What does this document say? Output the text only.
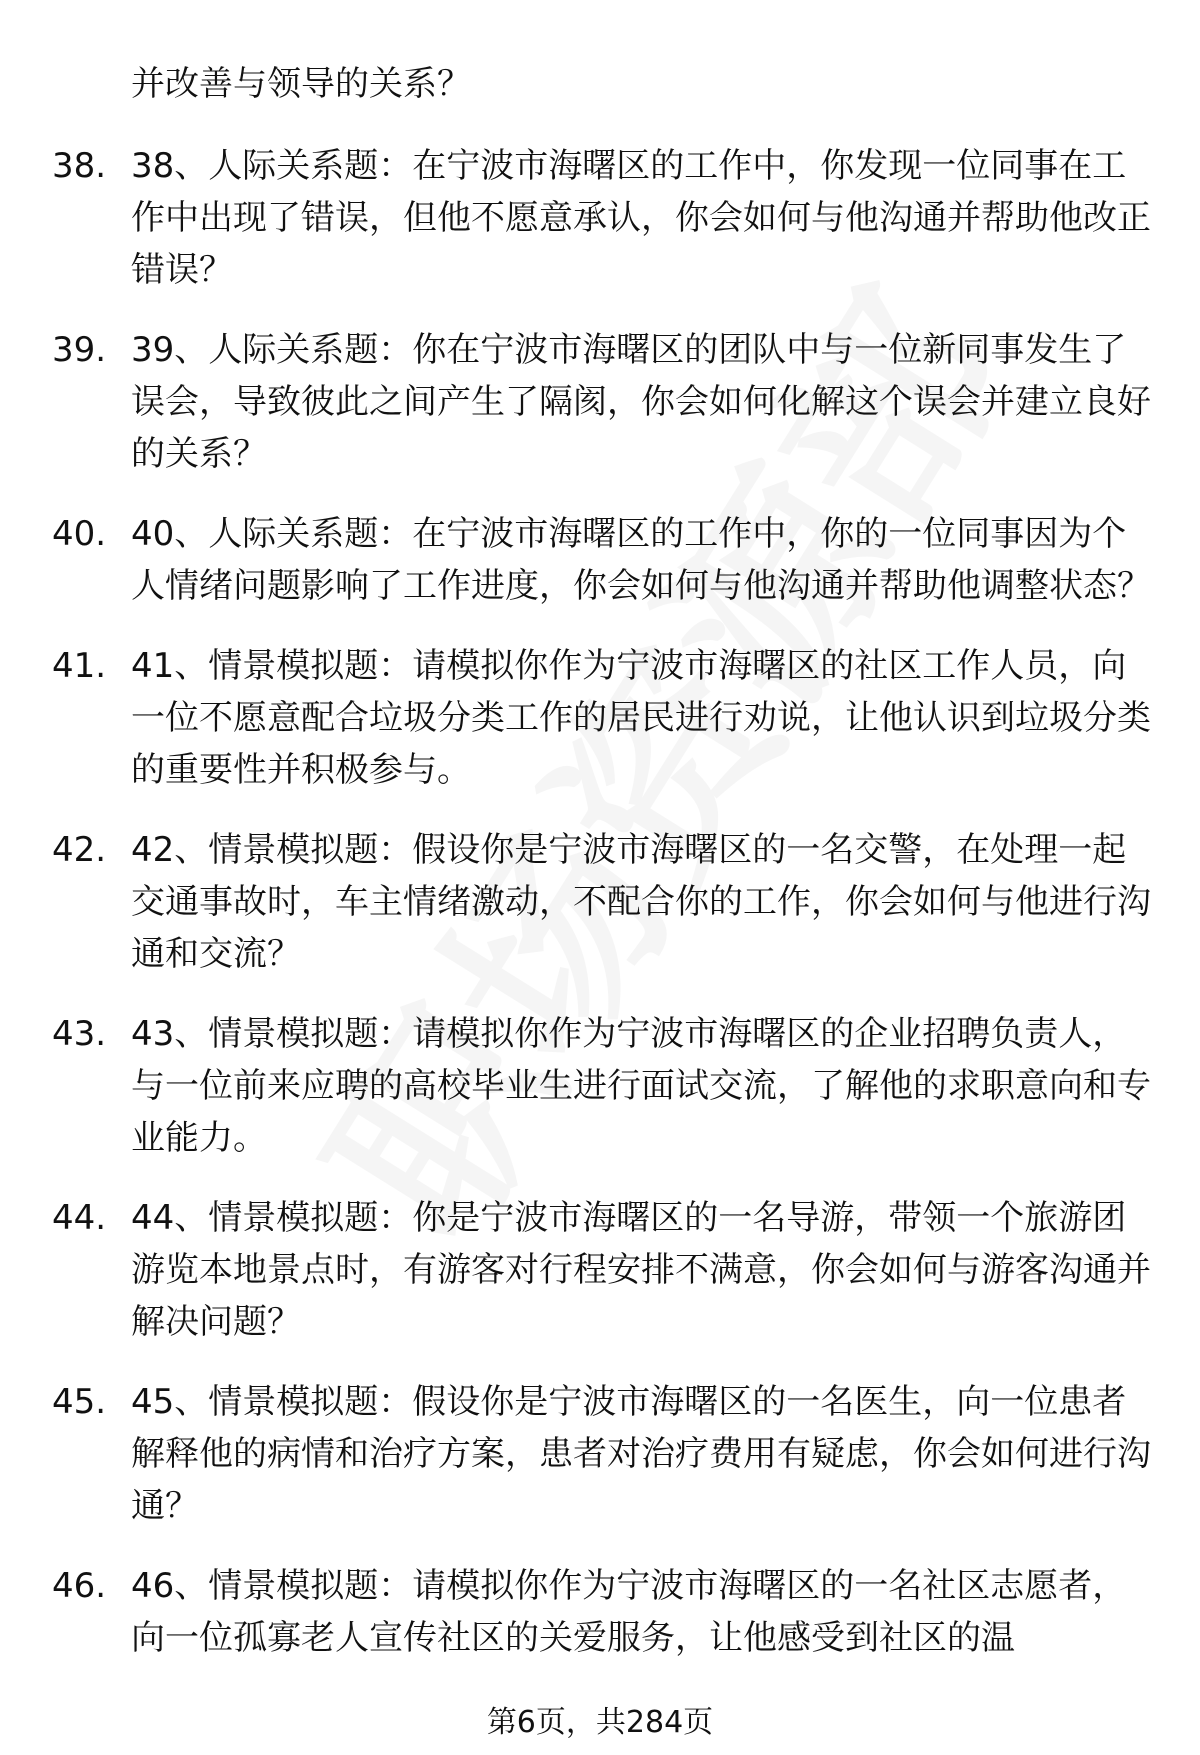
并改善与领导的关系？
38. 38、人际关系题：在宁波市海曙区的工作中，你发现一位同事在工作中出现了错误，但他不愿意承认，你会如何与他沟通并帮助他改正错误？
39. 39、人际关系题：你在宁波市海曙区的团队中与一位新同事发生了误会，导致彼此之间产生了隔阂，你会如何化解这个误会并建立良好的关系？
40. 40、人际关系题：在宁波市海曙区的工作中，你的一位同事因为个人情绪问题影响了工作进度，你会如何与他沟通并帮助他调整状态？
41. 41、情景模拟题：请模拟你作为宁波市海曙区的社区工作人员，向一位不愿意配合垃圾分类工作的居民进行劝说，让他认识到垃圾分类的重要性并积极参与。
42. 42、情景模拟题：假设你是宁波市海曙区的一名交警，在处理一起交通事故时，车主情绪激动，不配合你的工作，你会如何与他进行沟通和交流？
43. 43、情景模拟题：请模拟你作为宁波市海曙区的企业招聘负责人，与一位前来应聘的高校毕业生进行面试交流，了解他的求职意向和专业能力。
44. 44、情景模拟题：你是宁波市海曙区的一名导游，带领一个旅游团游览本地景点时，有游客对行程安排不满意，你会如何与游客沟通并解决问题？
45. 45、情景模拟题：假设你是宁波市海曙区的一名医生，向一位患者解释他的病情和治疗方案，患者对治疗费用有疑虑，你会如何进行沟通？
46. 46、情景模拟题：请模拟你作为宁波市海曙区的一名社区志愿者，向一位孤寡老人宣传社区的关爱服务，让他感受到社区的温
第6页，共284页
